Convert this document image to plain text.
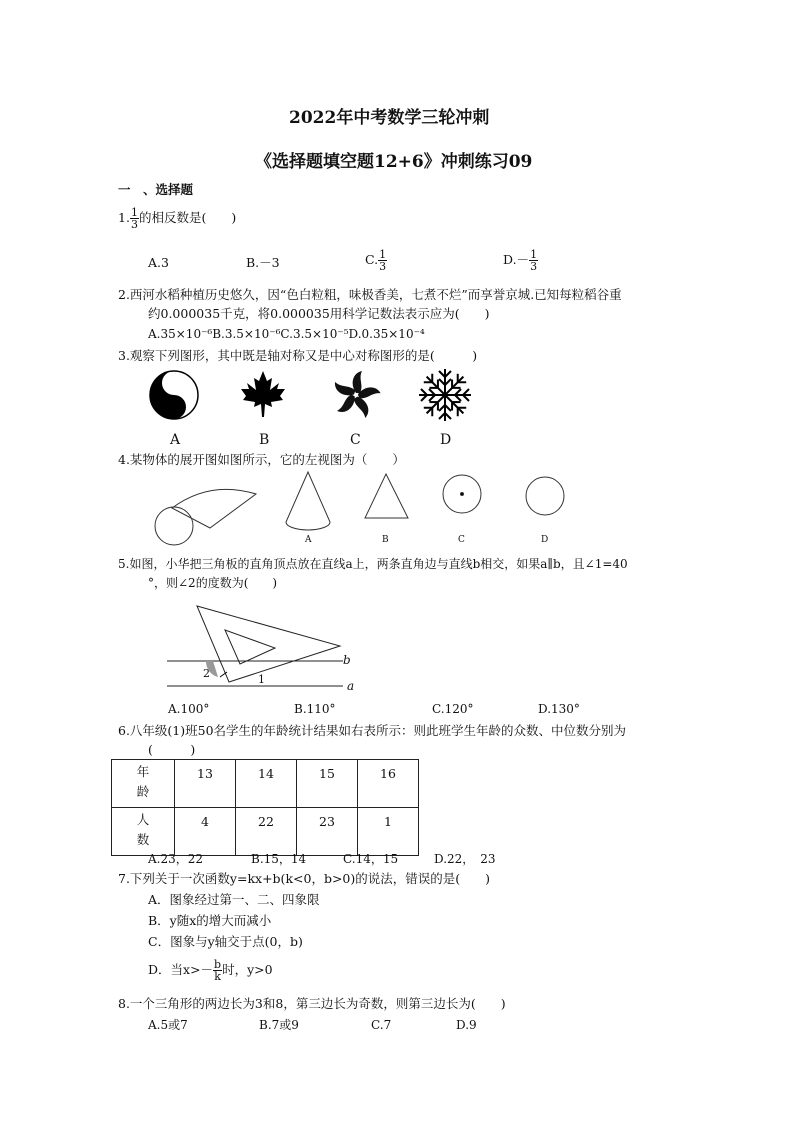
2022年中考数学三轮冲刺
《选择题填空题12+6》冲刺练习09
一　、选择题
1. $\frac{1}{3}$ 的相反数是(　　)
A.3	B.－3	C. $\frac{1}{3}$	$D.- \frac{1}{3}$
2.西河水稻种植历史悠久，因“色白粒粗，味极香美，七煮不烂”而享誉京城.已知每粒稻谷重
约0.000035千克，将0.000035用科学记数法表示应为(　　)
A.35×10⁻⁶B.3.5×10⁻⁶C.3.5×10⁻⁵D.0.35×10⁻⁴
3.观察下列图形，其中既是轴对称又是中心对称图形的是(　　　)
A	B	C	D
4.某物体的展开图如图所示，它的左视图为（　　）
A	B	C	D
5.如图，小华把三角板的直角顶点放在直线a上，两条直角边与直线b相交，如果a∥b，且∠1=40
°，则∠2的度数为(　　)
b
a
1
2
A.100°	B.110°	C.120°	D.130°
6.八年级(1)班50名学生的年龄统计结果如右表所示：则此班学生年龄的众数、中位数分别为
(　　　)
年龄	13	14	15	16
人数	4	22	23	1
A.23，22	B.15，14	C.14，15	D.22，　23
7.下列关于一次函数y=kx+b(k<0，b>0)的说法，错误的是(　　)
A．图象经过第一、二、四象限
B．y随x的增大而减小
C．图象与y轴交于点(0，b)
D．当$x>- \frac{b}{k}$ 时，y>0
8.一个三角形的两边长为3和8，第三边长为奇数，则第三边长为(　　)
A.5或7	B.7或9	C.7	D.9
